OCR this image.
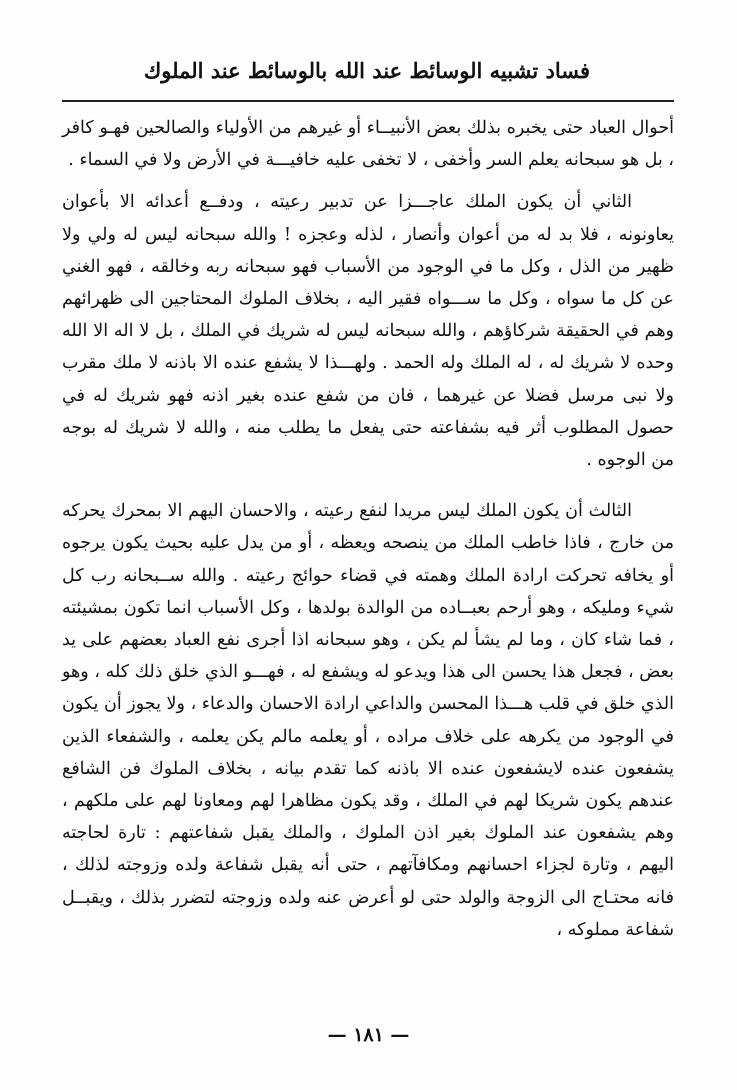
فساد تشبيه الوسائط عند الله بالوسائط عند الملوك

أحوال العباد حتى يخبره بذلك بعض الأنبيــاء أو غيرهم من الأولياء والصالحين فهـو كافر ، بل هو سبحانه يعلم السر وأخفى ، لا تخفى عليه خافيـــة في الأرض ولا في السماء .

الثاني أن يكون الملك عاجـــزا عن تدبير رعيته ، ودفــع أعدائه الا بأعوان يعاونونه ، فلا بد له من أعوان وأنصار ، لذله وعجزه ! والله سبحانه ليس له ولي ولا ظهير من الذل ، وكل ما في الوجود من الأسباب فهو سبحانه ربه وخالقه ، فهو الغني عن كل ما سواه ، وكل ما ســـواه فقير اليه ، بخلاف الملوك المحتاجين الى ظهرائهم وهم في الحقيقة شركاؤهم ، والله سبحانه ليس له شريك في الملك ، بل لا اله الا الله وحده لا شريك له ، له الملك وله الحمد . ولهـــذا لا يشفع عنده الا باذنه لا ملك مقرب ولا نبى مرسل فضلا عن غيرهما ، فان من شفع عنده بغير اذنه فهو شريك له في حصول المطلوب أثر فيه بشفاعته حتى يفعل ما يطلب منه ، والله لا شريك له بوجه من الوجوه .

الثالث أن يكون الملك ليس مريدا لنفع رعيته ، والاحسان اليهم الا بمحرك يحركه من خارج ، فاذا خاطب الملك من ينصحه ويعظه ، أو من يدل عليه بحيث يكون يرجوه أو يخافه تحركت ارادة الملك وهمته في قضاء حوائج رعيته . والله ســبحانه رب كل شيء ومليكه ، وهو أرحم بعبــاده من الوالدة بولدها ، وكل الأسباب انما تكون بمشيئته ، فما شاء كان ، وما لم يشأ لم يكن ، وهو سبحانه اذا أجرى نفع العباد بعضهم على يد بعض ، فجعل هذا يحسن الى هذا ويدعو له ويشفع له ، فهـــو الذي خلق ذلك كله ، وهو الذي خلق في قلب هـــذا المحسن والداعي ارادة الاحسان والدعاء ، ولا يجوز أن يكون في الوجود من يكرهه على خلاف مراده ، أو يعلمه مالم يكن يعلمه ، والشفعاء الذين يشفعون عنده لايشفعون عنده الا باذنه كما تقدم بيانه ، بخلاف الملوك فن الشافع عندهم يكون شريكا لهم في الملك ، وقد يكون مظاهرا لهم ومعاونا لهم على ملكهم ، وهم يشفعون عند الملوك بغير اذن الملوك ، والملك يقبل شفاعتهم : تارة لحاجته اليهم ، وتارة لجزاء احسانهم ومكافآتهم ، حتى أنه يقبل شفاعة ولده وزوجته لذلك ، فانه محتـاج الى الزوجة والولد حتى لو أعرض عنه ولده وزوجته لتضرر بذلك ، ويقبــل شفاعة مملوكه ،

— ١٨١ —
